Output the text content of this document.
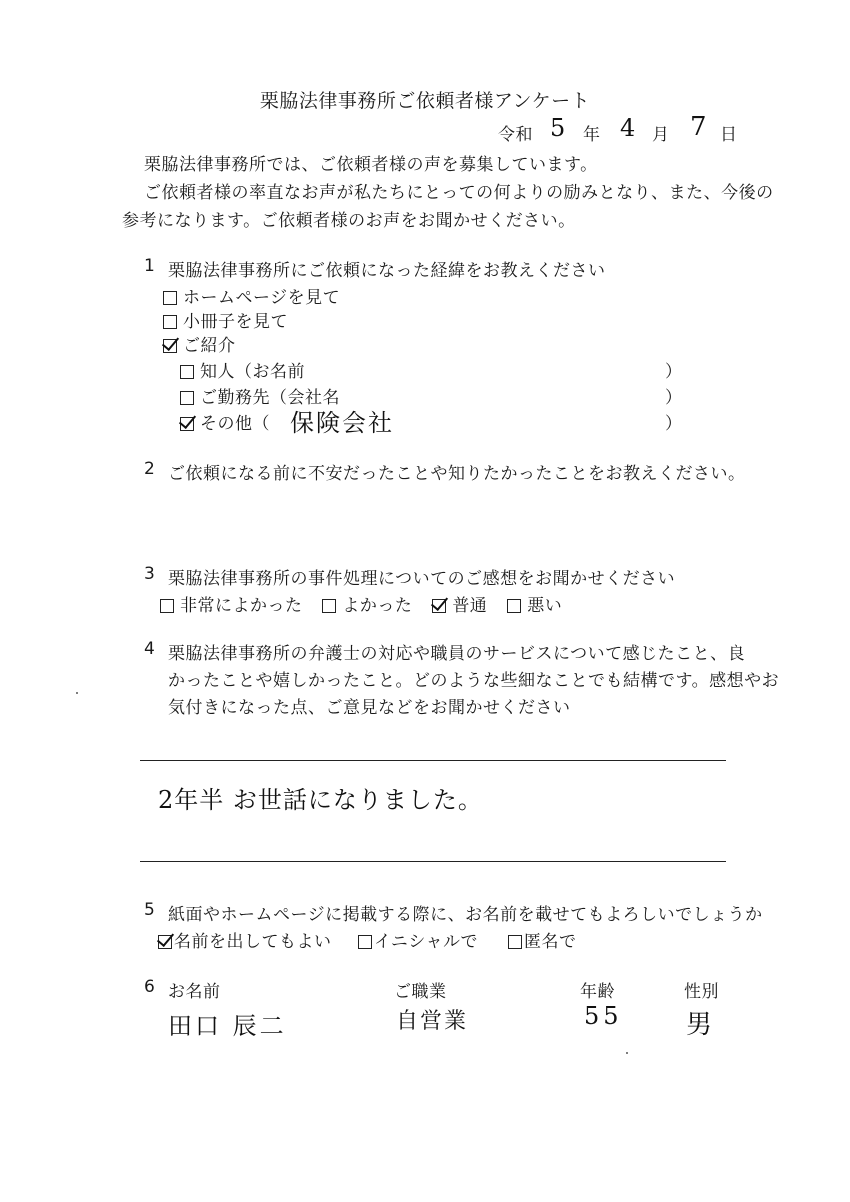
栗脇法律事務所ご依頼者様アンケート
令和 5 年 4 月 7 日
栗脇法律事務所では、ご依頼者様の声を募集しています。
ご依頼者様の率直なお声が私たちにとっての何よりの励みとなり、また、今後の
参考になります。ご依頼者様のお声をお聞かせください。
1 栗脇法律事務所にご依頼になった経緯をお教えください
ホームページを見て
小冊子を見て
ご紹介
知人（お名前	）
ご勤務先（会社名	）
その他（ 保険会社	）
2 ご依頼になる前に不安だったことや知りたかったことをお教えください。
3 栗脇法律事務所の事件処理についてのご感想をお聞かせください
非常によかった よかった 普通 悪い
4 栗脇法律事務所の弁護士の対応や職員のサービスについて感じたこと、良
かったことや嬉しかったこと。どのような些細なことでも結構です。感想やお
気付きになった点、ご意見などをお聞かせください
2年半 お世話になりました。
5 紙面やホームページに掲載する際に、お名前を載せてもよろしいでしょうか
名前を出してもよい	イニシャルで	匿名で
6 お名前	ご職業	年齢	性別
田口 辰二	自営業	55 男
